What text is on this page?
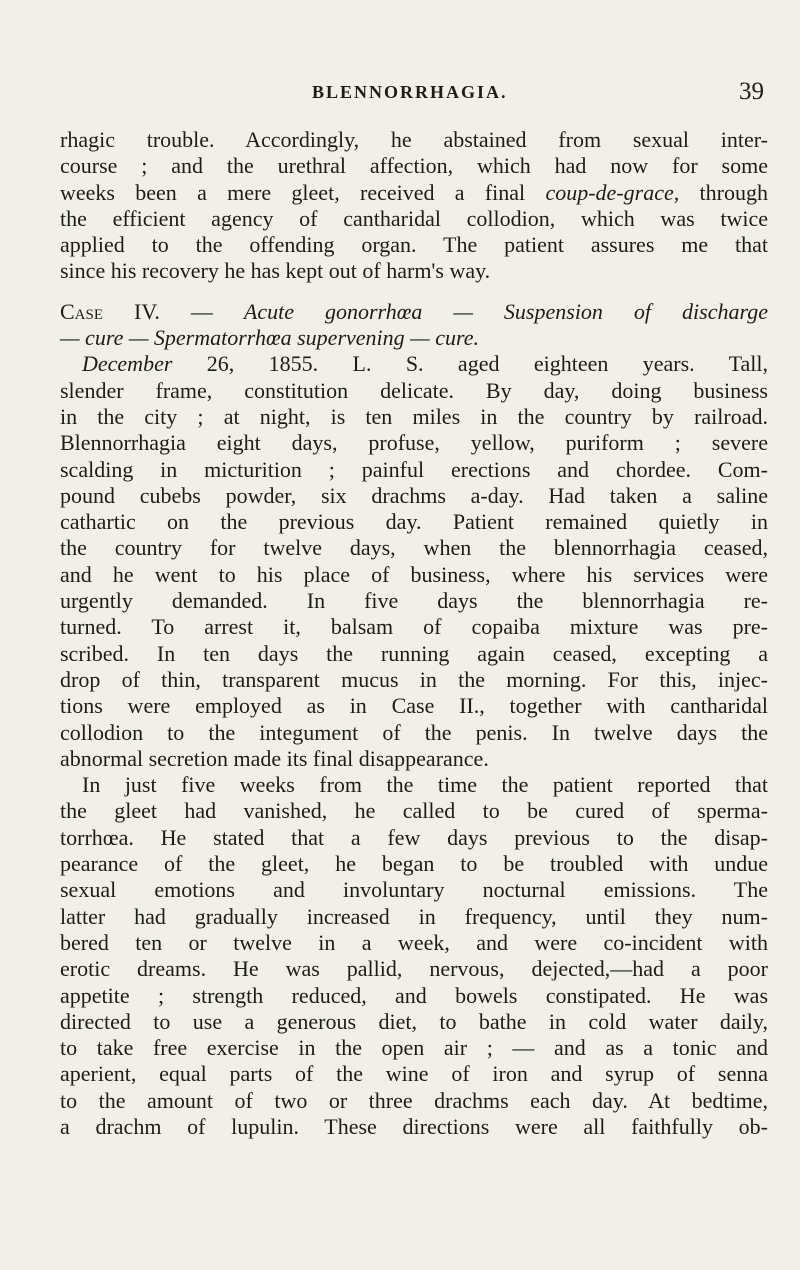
BLENNORRHAGIA.	39
rhagic trouble. Accordingly, he abstained from sexual inter-
course ; and the urethral affection, which had now for some
weeks been a mere gleet, received a final coup-de-grace, through
the efficient agency of cantharidal collodion, which was twice
applied to the offending organ. The patient assures me that
since his recovery he has kept out of harm's way.
Case IV. — Acute gonorrhœa — Suspension of discharge
— cure — Spermatorrhœa supervening — cure.
December 26, 1855. L. S. aged eighteen years. Tall,
slender frame, constitution delicate. By day, doing business
in the city ; at night, is ten miles in the country by railroad.
Blennorrhagia eight days, profuse, yellow, puriform ; severe
scalding in micturition ; painful erections and chordee. Com-
pound cubebs powder, six drachms a-day. Had taken a saline
cathartic on the previous day. Patient remained quietly in
the country for twelve days, when the blennorrhagia ceased,
and he went to his place of business, where his services were
urgently demanded. In five days the blennorrhagia re-
turned. To arrest it, balsam of copaiba mixture was pre-
scribed. In ten days the running again ceased, excepting a
drop of thin, transparent mucus in the morning. For this, injec-
tions were employed as in Case II., together with cantharidal
collodion to the integument of the penis. In twelve days the
abnormal secretion made its final disappearance.
In just five weeks from the time the patient reported that
the gleet had vanished, he called to be cured of sperma-
torrhœa. He stated that a few days previous to the disap-
pearance of the gleet, he began to be troubled with undue
sexual emotions and involuntary nocturnal emissions. The
latter had gradually increased in frequency, until they num-
bered ten or twelve in a week, and were co-incident with
erotic dreams. He was pallid, nervous, dejected,—had a poor
appetite ; strength reduced, and bowels constipated. He was
directed to use a generous diet, to bathe in cold water daily,
to take free exercise in the open air ; — and as a tonic and
aperient, equal parts of the wine of iron and syrup of senna
to the amount of two or three drachms each day. At bedtime,
a drachm of lupulin. These directions were all faithfully ob-
